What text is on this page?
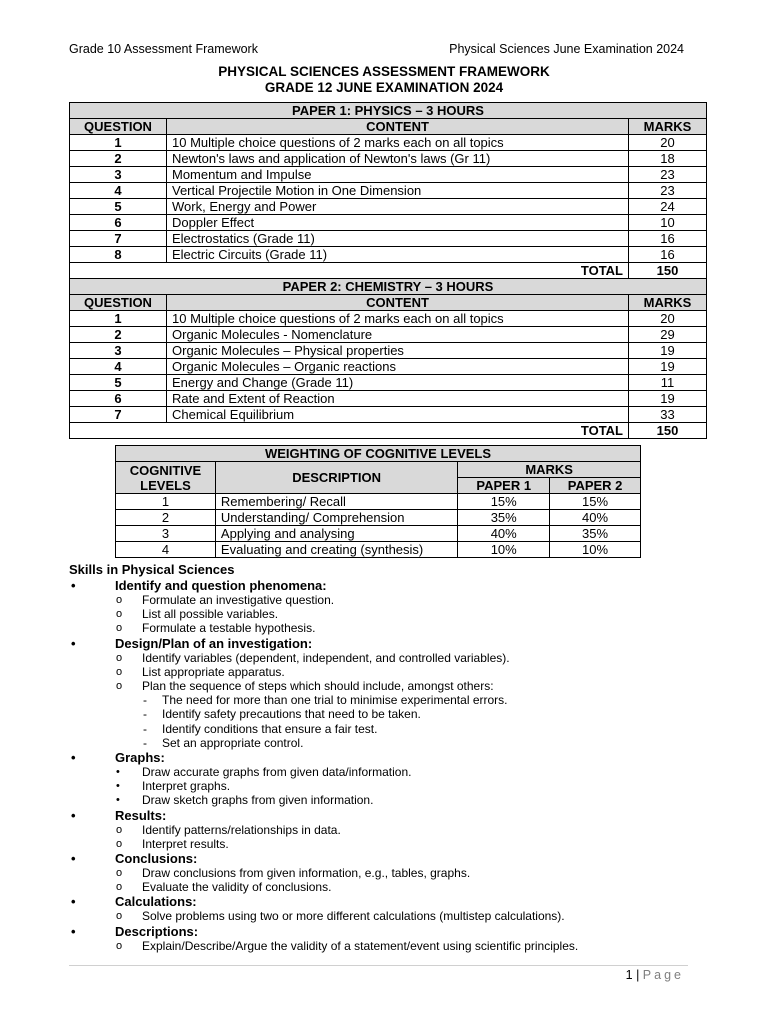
Grade 10 Assessment Framework	Physical Sciences June Examination 2024
PHYSICAL SCIENCES ASSESSMENT FRAMEWORK
GRADE 12 JUNE EXAMINATION 2024
PAPER 1: PHYSICS – 3 HOURS		
QUESTION	CONTENT	MARKS
1	10 Multiple choice questions of 2 marks each on all topics	20
2	Newton's laws and application of Newton's laws (Gr 11)	18
3	Momentum and Impulse	23
4	Vertical Projectile Motion in One Dimension	23
5	Work, Energy and Power	24
6	Doppler Effect	10
7	Electrostatics (Grade 11)	16
8	Electric Circuits (Grade 11)	16
TOTAL		150
PAPER 2: CHEMISTRY – 3 HOURS		
QUESTION	CONTENT	MARKS
1	10 Multiple choice questions of 2 marks each on all topics	20
2	Organic Molecules - Nomenclature	29
3	Organic Molecules – Physical properties	19
4	Organic Molecules – Organic reactions	19
5	Energy and Change (Grade 11)	11
6	Rate and Extent of Reaction	19
7	Chemical Equilibrium	33
TOTAL		150
WEIGHTING OF COGNITIVE LEVELS			

COGNITIVE
LEVELS	DESCRIPTION	MARKS	
		PAPER 1	PAPER 2
1	Remembering/ Recall	15%	15%
2	Understanding/ Comprehension	35%	40%
3	Applying and analysing	40%	35%
4	Evaluating and creating (synthesis)	10%	10%

Skills in Physical Sciences

•	Identify and question phenomena:
o Formulate an investigative question.
o List all possible variables.
o Formulate a testable hypothesis.
•	Design/Plan of an investigation:
o Identify variables (dependent, independent, and controlled variables).
o List appropriate apparatus.
o Plan the sequence of steps which should include, amongst others:
- The need for more than one trial to minimise experimental errors.
- Identify safety precautions that need to be taken.
- Identify conditions that ensure a fair test.
- Set an appropriate control.
•	Graphs:
• Draw accurate graphs from given data/information.
• Interpret graphs.
• Draw sketch graphs from given information.
•	Results:
o Identify patterns/relationships in data.
o Interpret results.
•	Conclusions:
o Draw conclusions from given information, e.g., tables, graphs.
o Evaluate the validity of conclusions.
•	Calculations:
o Solve problems using two or more different calculations (multistep calculations).
•	Descriptions:
o Explain/Describe/Argue the validity of a statement/event using scientific principles.
1 | Page
